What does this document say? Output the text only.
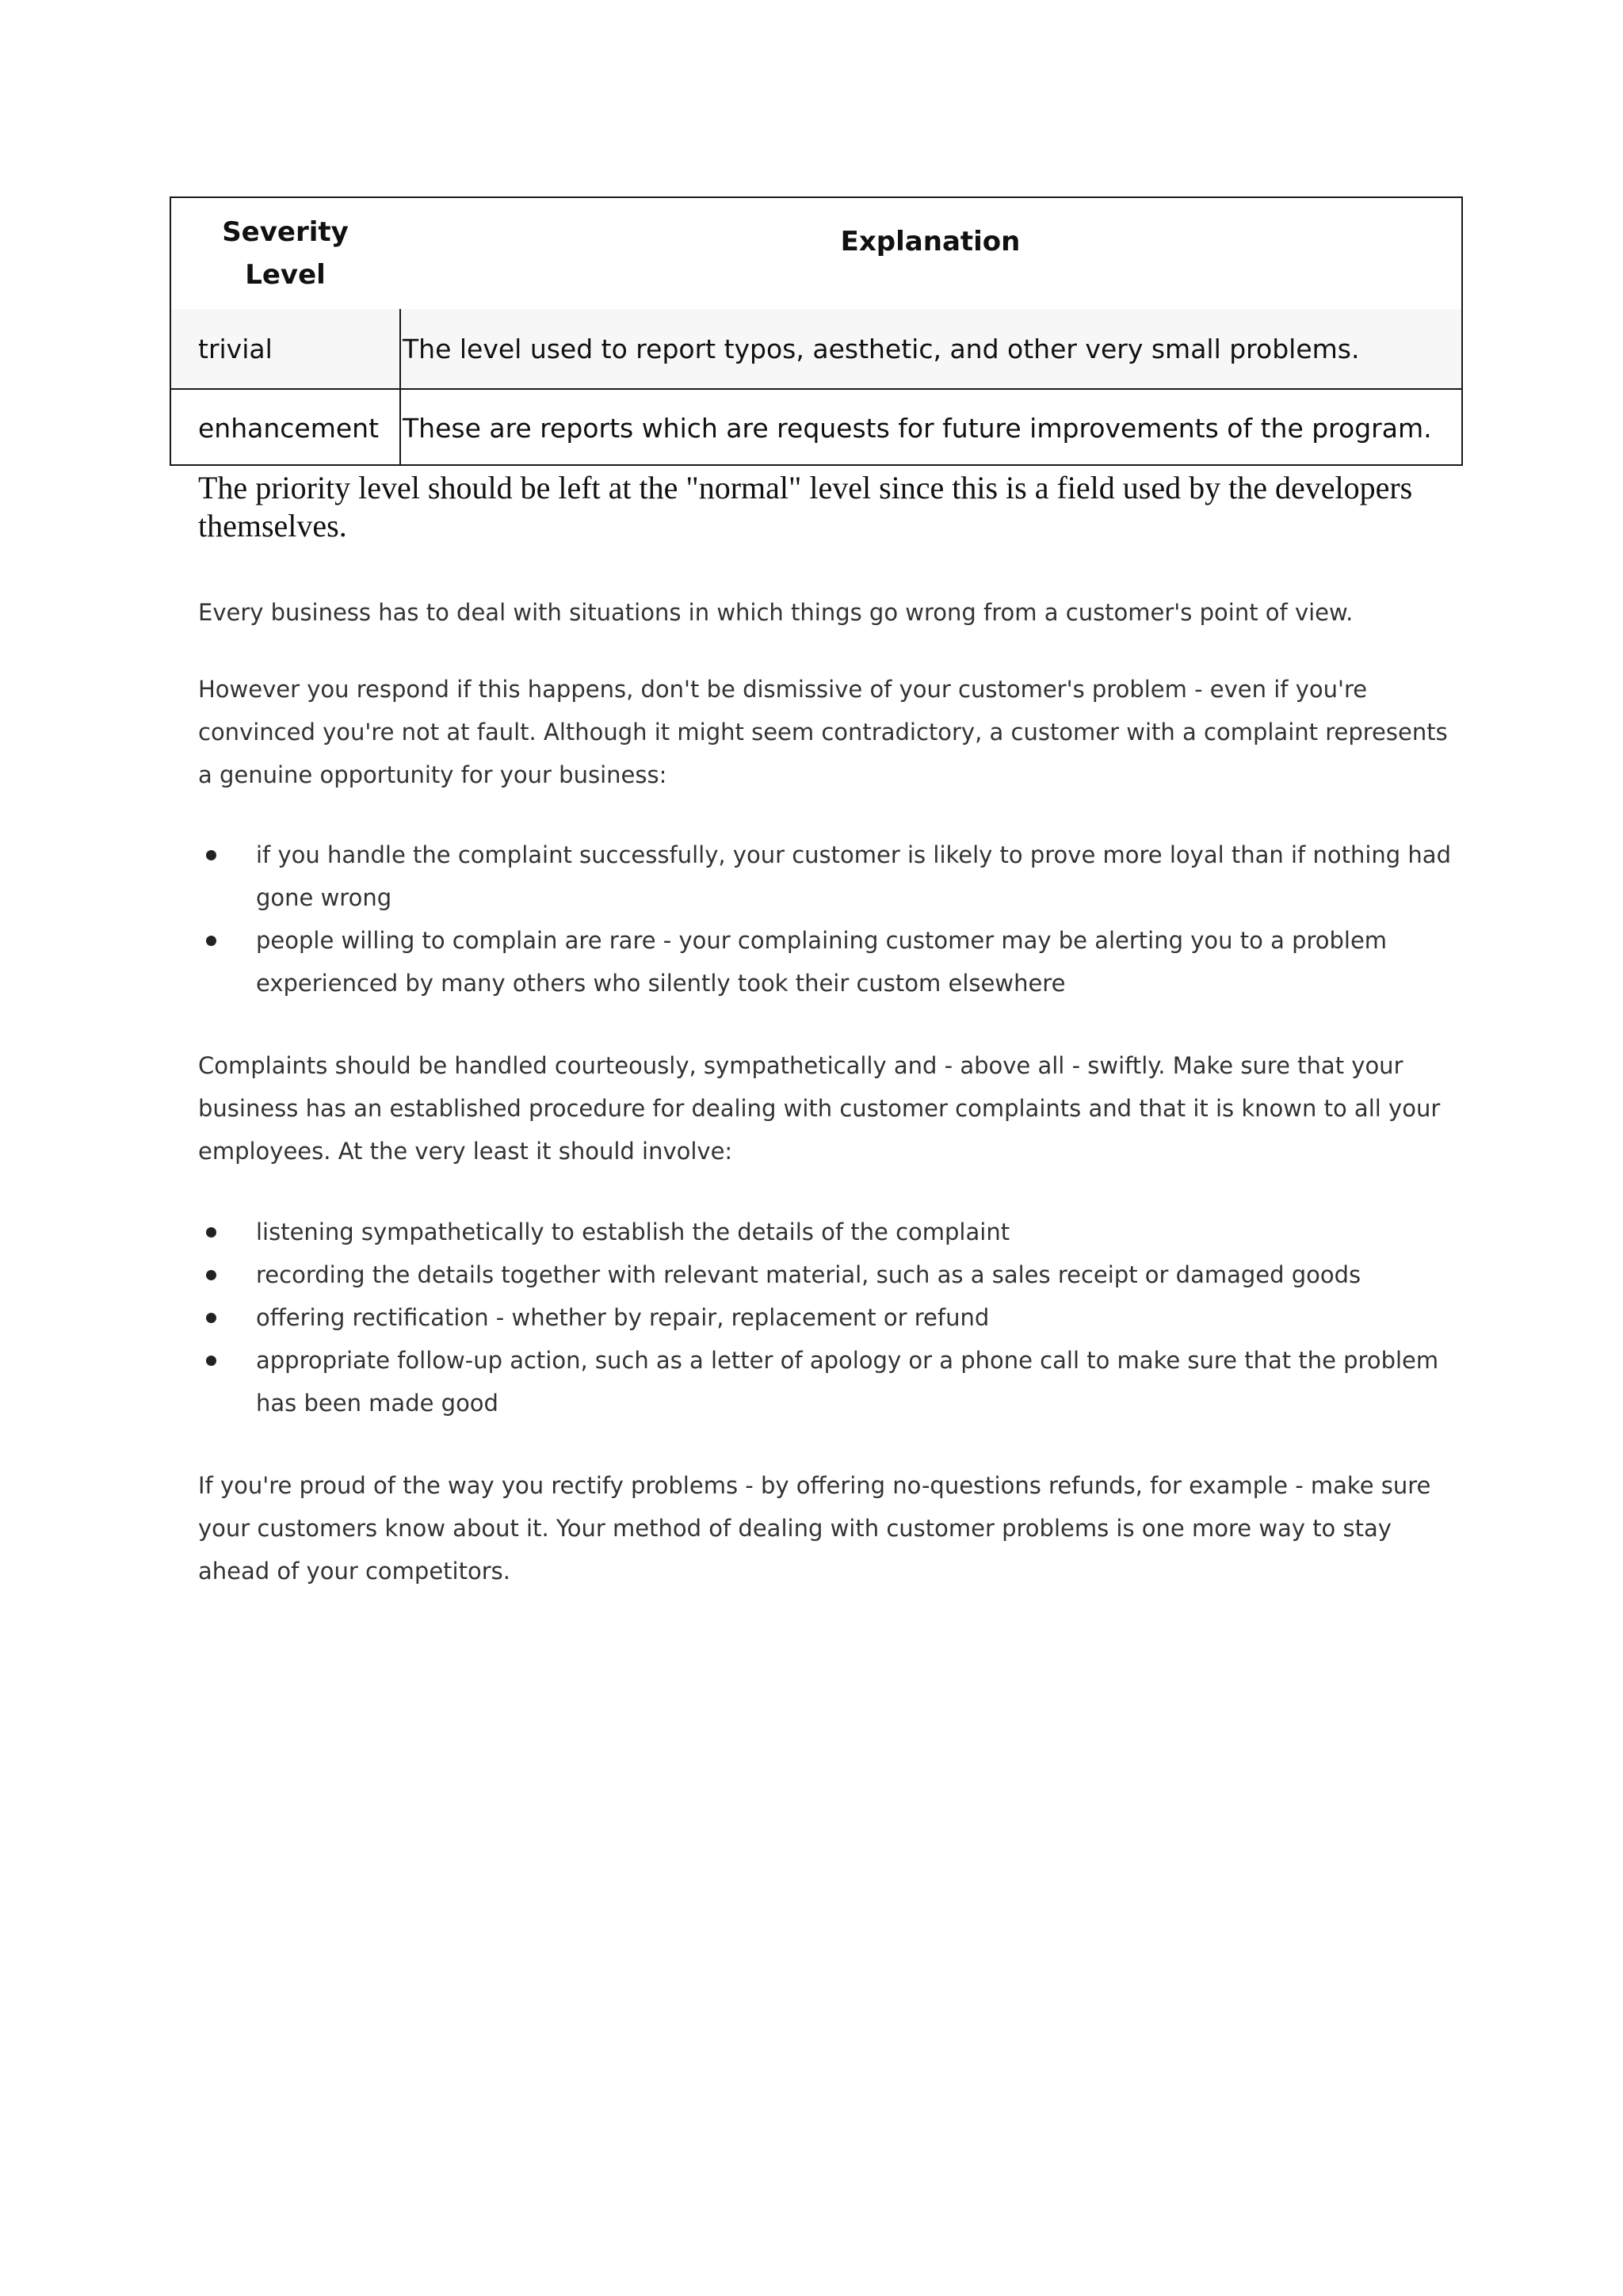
Severity Level
Explanation
trivial	The level used to report typos, aesthetic, and other very small problems.
enhancement These are reports which are requests for future improvements of the program.

The priority level should be left at the "normal" level since this is a field used by the developers themselves.

Every business has to deal with situations in which things go wrong from a customer's point of view.

However you respond if this happens, don't be dismissive of your customer's problem - even if you're convinced you're not at fault. Although it might seem contradictory, a customer with a complaint represents a genuine opportunity for your business:

if you handle the complaint successfully, your customer is likely to prove more loyal than if nothing had gone wrong
people willing to complain are rare - your complaining customer may be alerting you to a problem experienced by many others who silently took their custom elsewhere

Complaints should be handled courteously, sympathetically and - above all - swiftly. Make sure that your business has an established procedure for dealing with customer complaints and that it is known to all your employees. At the very least it should involve:

listening sympathetically to establish the details of the complaint
recording the details together with relevant material, such as a sales receipt or damaged goods
offering rectification - whether by repair, replacement or refund
appropriate follow-up action, such as a letter of apology or a phone call to make sure that the problem has been made good

If you're proud of the way you rectify problems - by offering no-questions refunds, for example - make sure your customers know about it. Your method of dealing with customer problems is one more way to stay ahead of your competitors.
